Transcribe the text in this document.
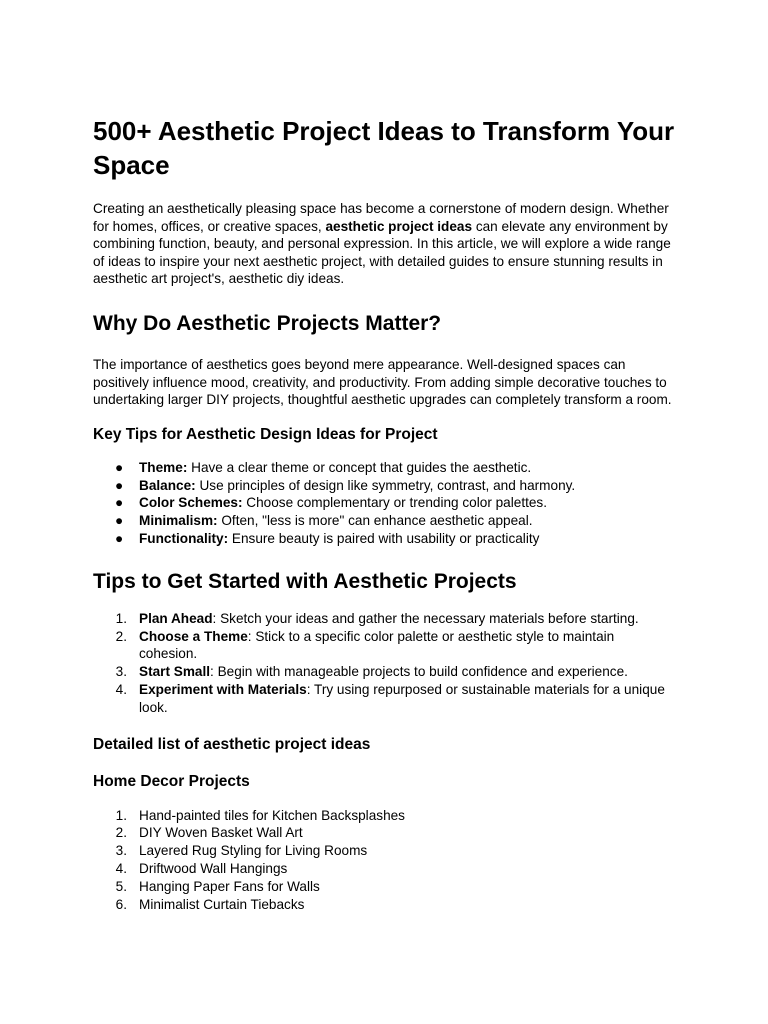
500+ Aesthetic Project Ideas to Transform Your Space

Creating an aesthetically pleasing space has become a cornerstone of modern design. Whether for homes, offices, or creative spaces, aesthetic project ideas can elevate any environment by combining function, beauty, and personal expression. In this article, we will explore a wide range of ideas to inspire your next aesthetic project, with detailed guides to ensure stunning results in aesthetic art project's, aesthetic diy ideas.

Why Do Aesthetic Projects Matter?

The importance of aesthetics goes beyond mere appearance. Well-designed spaces can positively influence mood, creativity, and productivity. From adding simple decorative touches to undertaking larger DIY projects, thoughtful aesthetic upgrades can completely transform a room.

Key Tips for Aesthetic Design Ideas for Project
● Theme: Have a clear theme or concept that guides the aesthetic.
● Balance: Use principles of design like symmetry, contrast, and harmony.
● Color Schemes: Choose complementary or trending color palettes.
● Minimalism: Often, "less is more" can enhance aesthetic appeal.
● Functionality: Ensure beauty is paired with usability or practicality
Tips to Get Started with Aesthetic Projects
1. Plan Ahead: Sketch your ideas and gather the necessary materials before starting.
2. Choose a Theme: Stick to a specific color palette or aesthetic style to maintain cohesion.
3. Start Small: Begin with manageable projects to build confidence and experience.
4. Experiment with Materials: Try using repurposed or sustainable materials for a unique look.
Detailed list of aesthetic project ideas
Home Decor Projects
1. Hand-painted tiles for Kitchen Backsplashes
2. DIY Woven Basket Wall Art
3. Layered Rug Styling for Living Rooms
4. Driftwood Wall Hangings
5. Hanging Paper Fans for Walls
6. Minimalist Curtain Tiebacks
